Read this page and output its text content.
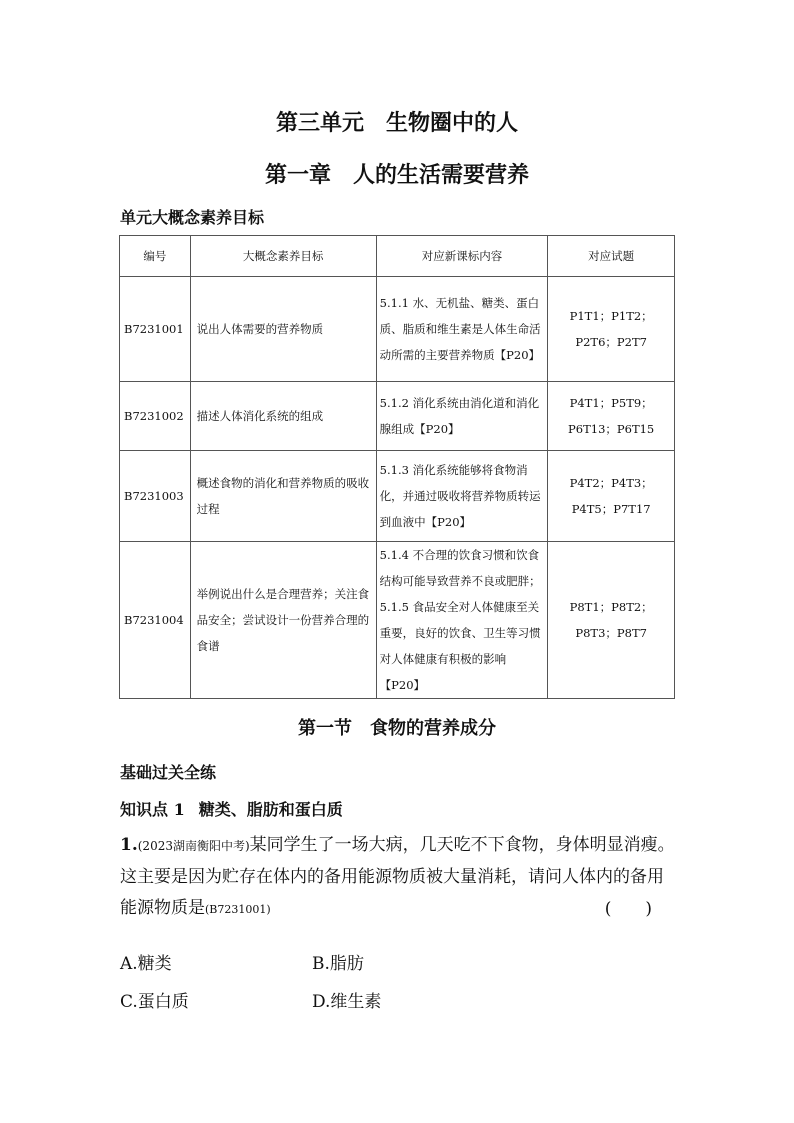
第三单元 生物圈中的人
第一章 人的生活需要营养
单元大概念素养目标
编号	大概念素养目标	对应新课标内容	对应试题
B7231001	说出人体需要的营养物质	5.1.1 水、无机盐、糖类、蛋白质、脂质和维生素是人体生命活动所需的主要营养物质【P20】	P1T1；P1T2；P2T6；P2T7
B7231002	描述人体消化系统的组成	5.1.2 消化系统由消化道和消化腺组成【P20】	P4T1；P5T9；P6T13；P6T15
B7231003	概述食物的消化和营养物质的吸收过程	5.1.3 消化系统能够将食物消化，并通过吸收将营养物质转运到血液中【P20】	P4T2；P4T3；P4T5；P7T17
B7231004	举例说出什么是合理营养；关注食品安全；尝试设计一份营养合理的食谱	5.1.4 不合理的饮食习惯和饮食结构可能导致营养不良或肥胖；5.1.5 食品安全对人体健康至关重要，良好的饮食、卫生等习惯对人体健康有积极的影响【P20】	P8T1；P8T2；P8T3；P8T7
第一节 食物的营养成分
基础过关全练
知识点 1 糖类、脂肪和蛋白质
1.(2023湖南衡阳中考)某同学生了一场大病，几天吃不下食物，身体明显消瘦。这主要是因为贮存在体内的备用能源物质被大量消耗，请问人体内的备用能源物质是(B7231001)	(　　)
A.糖类	B.脂肪
C.蛋白质	D.维生素
